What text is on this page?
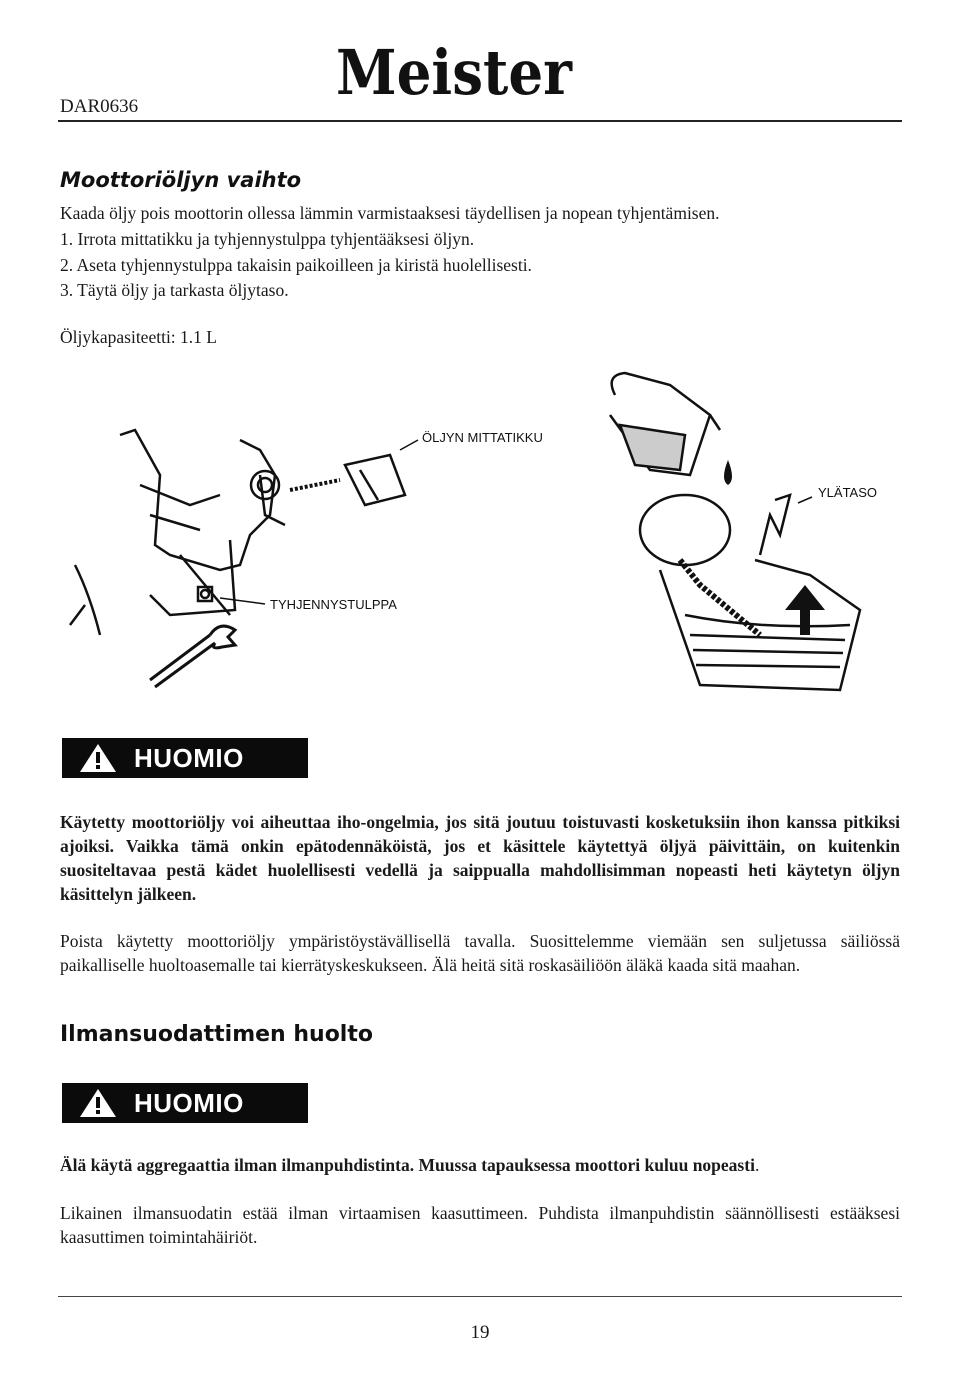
DAR0636	Meister
Moottoriöljyn vaihto
Kaada öljy pois moottorin ollessa lämmin varmistaaksesi täydellisen ja nopean tyhjentämisen.
1. Irrota mittatikku ja tyhjennystulppa tyhjentääksesi öljyn.
2. Aseta tyhjennystulppa takaisin paikoilleen ja kiristä huolellisesti.
3. Täytä öljy ja tarkasta öljytaso.
Öljykapasiteetti: 1.1 L
ÖLJYN MITTATIKKU
TYHJENNYSTULPPA
YLÄTASO
HUOMIO
Käytetty moottoriöljy voi aiheuttaa iho-ongelmia, jos sitä joutuu toistuvasti kosketuksiin ihon kanssa pitkiksi ajoiksi. Vaikka tämä onkin epätodennäköistä, jos et käsittele käytettyä öljyä päivittäin, on kuitenkin suositeltavaa pestä kädet huolellisesti vedellä ja saippualla mahdollisimman nopeasti heti käytetyn öljyn käsittelyn jälkeen.
Poista käytetty moottoriöljy ympäristöystävällisellä tavalla. Suosittelemme viemään sen suljetussa säiliössä paikalliselle huoltoasemalle tai kierrätyskeskukseen. Älä heitä sitä roskasäiliöön äläkä kaada sitä maahan.
Ilmansuodattimen huolto
HUOMIO
Älä käytä aggregaattia ilman ilmanpuhdistinta. Muussa tapauksessa moottori kuluu nopeasti.
Likainen ilmansuodatin estää ilman virtaamisen kaasuttimeen. Puhdista ilmanpuhdistin säännöllisesti estääksesi kaasuttimen toimintahäiriöt.
19
